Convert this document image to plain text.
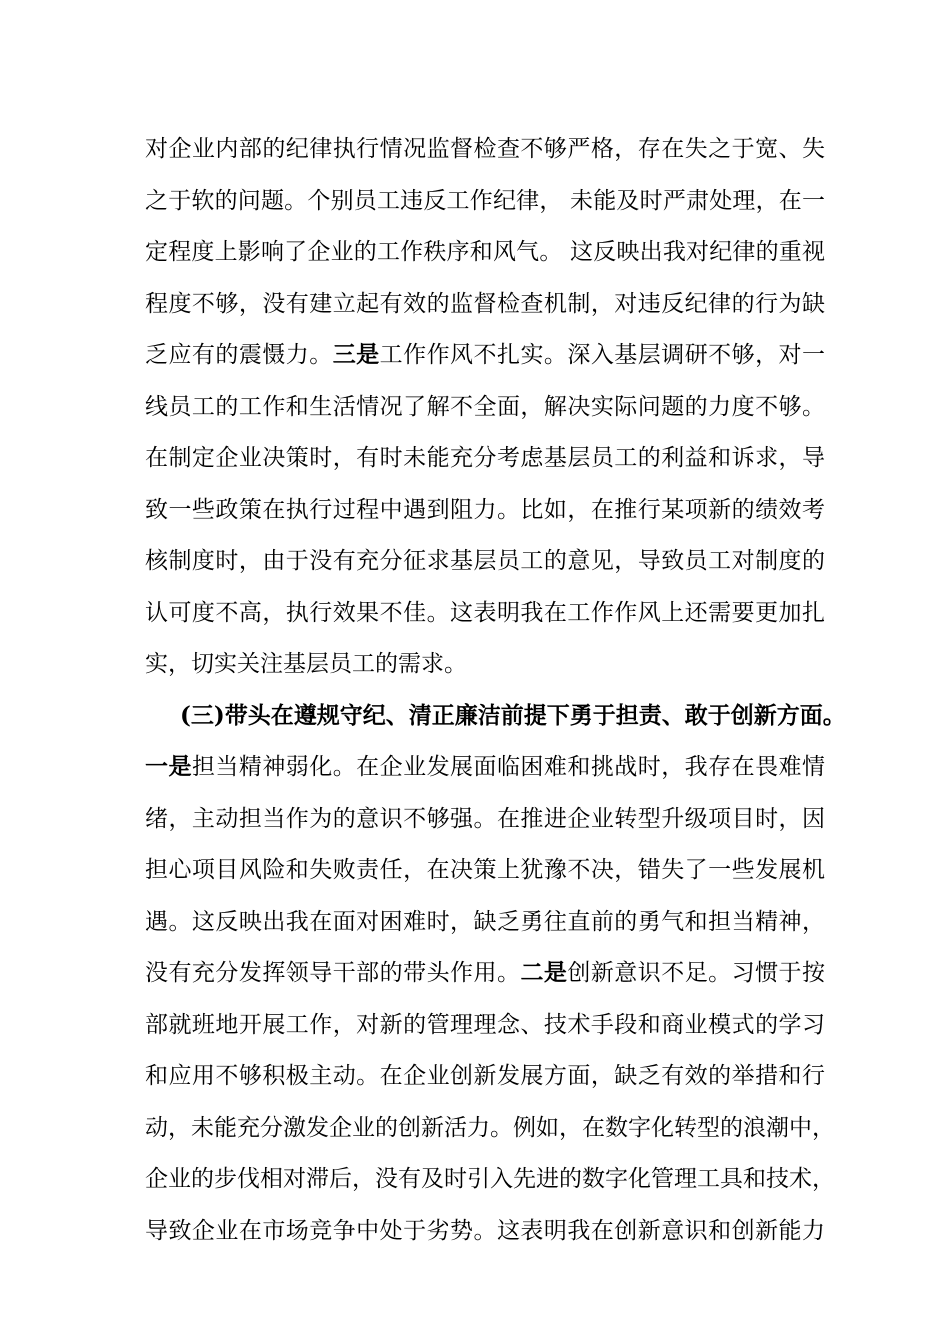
对企业内部的纪律执行情况监督检查不够严格，存在失之于宽、失
之于软的问题。个别员工违反工作纪律， 未能及时严肃处理，在一
定程度上影响了企业的工作秩序和风气。 这反映出我对纪律的重视
程度不够，没有建立起有效的监督检查机制，对违反纪律的行为缺
乏应有的震慑力。三是工作作风不扎实。深入基层调研不够，对一
线员工的工作和生活情况了解不全面，解决实际问题的力度不够。
在制定企业决策时，有时未能充分考虑基层员工的利益和诉求，导
致一些政策在执行过程中遇到阻力。比如，在推行某项新的绩效考
核制度时，由于没有充分征求基层员工的意见，导致员工对制度的
认可度不高，执行效果不佳。这表明我在工作作风上还需要更加扎
实，切实关注基层员工的需求。
(三)带头在遵规守纪、清正廉洁前提下勇于担责、敢于创新方面。
一是担当精神弱化。在企业发展面临困难和挑战时，我存在畏难情
绪，主动担当作为的意识不够强。在推进企业转型升级项目时，因
担心项目风险和失败责任，在决策上犹豫不决，错失了一些发展机
遇。这反映出我在面对困难时，缺乏勇往直前的勇气和担当精神，
没有充分发挥领导干部的带头作用。二是创新意识不足。习惯于按
部就班地开展工作，对新的管理理念、技术手段和商业模式的学习
和应用不够积极主动。在企业创新发展方面，缺乏有效的举措和行
动，未能充分激发企业的创新活力。例如，在数字化转型的浪潮中，
企业的步伐相对滞后，没有及时引入先进的数字化管理工具和技术，
导致企业在市场竞争中处于劣势。这表明我在创新意识和创新能力
